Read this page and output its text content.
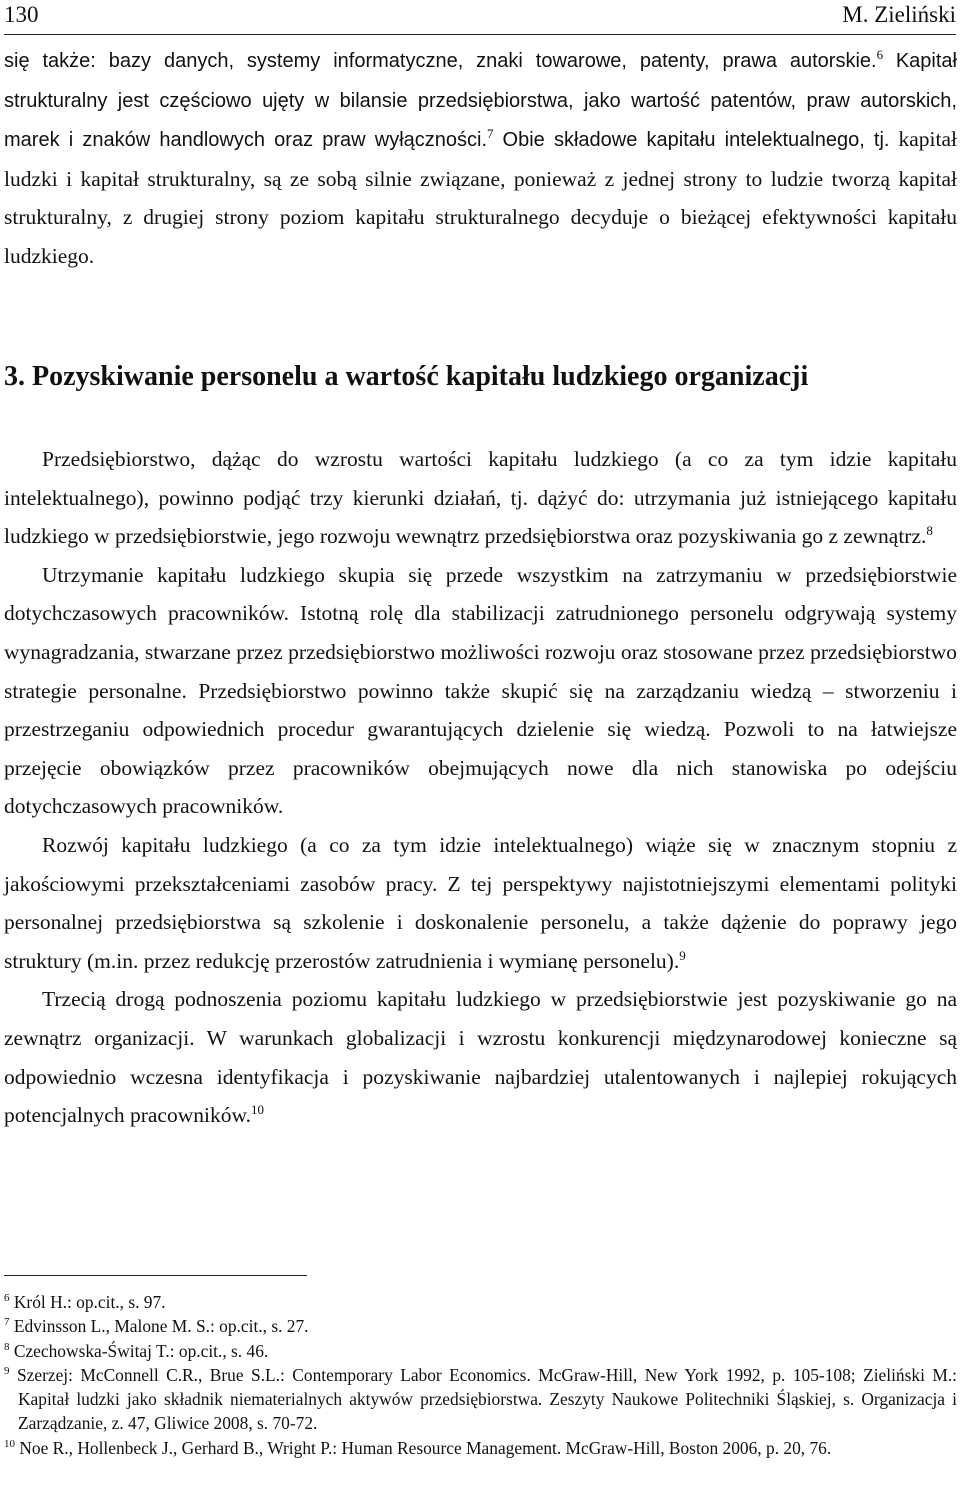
130	M. Zieliński

się także: bazy danych, systemy informatyczne, znaki towarowe, patenty, prawa autorskie.$^6$ Kapitał strukturalny jest częściowo ujęty w bilansie przedsiębiorstwa, jako wartość patentów, praw autorskich, marek i znaków handlowych oraz praw wyłączności.$^7$ Obie składowe kapitału intelektualnego, tj. kapitał ludzki i kapitał strukturalny, są ze sobą silnie związane, ponieważ z jednej strony to ludzie tworzą kapitał strukturalny, z drugiej strony poziom kapitału strukturalnego decyduje o bieżącej efektywności kapitału ludzkiego.

3. Pozyskiwanie personelu a wartość kapitału ludzkiego organizacji

Przedsiębiorstwo, dążąc do wzrostu wartości kapitału ludzkiego (a co za tym idzie kapitału intelektualnego), powinno podjąć trzy kierunki działań, tj. dążyć do: utrzymania już istniejącego kapitału ludzkiego w przedsiębiorstwie, jego rozwoju wewnątrz przedsiębiorstwa oraz pozyskiwania go z zewnątrz.$^8$

Utrzymanie kapitału ludzkiego skupia się przede wszystkim na zatrzymaniu w przedsiębiorstwie dotychczasowych pracowników. Istotną rolę dla stabilizacji zatrudnionego personelu odgrywają systemy wynagradzania, stwarzane przez przedsiębiorstwo możliwości rozwoju oraz stosowane przez przedsiębiorstwo strategie personalne. Przedsiębiorstwo powinno także skupić się na zarządzaniu wiedzą – stworzeniu i przestrzeganiu odpowiednich procedur gwarantujących dzielenie się wiedzą. Pozwoli to na łatwiejsze przejęcie obowiązków przez pracowników obejmujących nowe dla nich stanowiska po odejściu dotychczasowych pracowników.

Rozwój kapitału ludzkiego (a co za tym idzie intelektualnego) wiąże się w znacznym stopniu z jakościowymi przekształceniami zasobów pracy. Z tej perspektywy najistotniejszymi elementami polityki personalnej przedsiębiorstwa są szkolenie i doskonalenie personelu, a także dążenie do poprawy jego struktury (m.in. przez redukcję przerostów zatrudnienia i wymianę personelu).$^9$

Trzecią drogą podnoszenia poziomu kapitału ludzkiego w przedsiębiorstwie jest pozyskiwanie go na zewnątrz organizacji. W warunkach globalizacji i wzrostu konkurencji międzynarodowej konieczne są odpowiednio wczesna identyfikacja i pozyskiwanie najbardziej utalentowanych i najlepiej rokujących potencjalnych pracowników.$^{10}$

$^6$ Król H.: op.cit., s. 97.
$^7$ Edvinsson L., Malone M. S.: op.cit., s. 27.
$^8$ Czechowska-Świtaj T.: op.cit., s. 46.
$^9$ Szerzej: McConnell C.R., Brue S.L.: Contemporary Labor Economics. McGraw-Hill, New York 1992, p. 105-108; Zieliński M.: Kapitał ludzki jako składnik niematerialnych aktywów przedsiębiorstwa. Zeszyty Naukowe Politechniki Śląskiej, s. Organizacja i Zarządzanie, z. 47, Gliwice 2008, s. 70-72.
$^{10}$ Noe R., Hollenbeck J., Gerhard B., Wright P.: Human Resource Management. McGraw-Hill, Boston 2006, p. 20, 76.
